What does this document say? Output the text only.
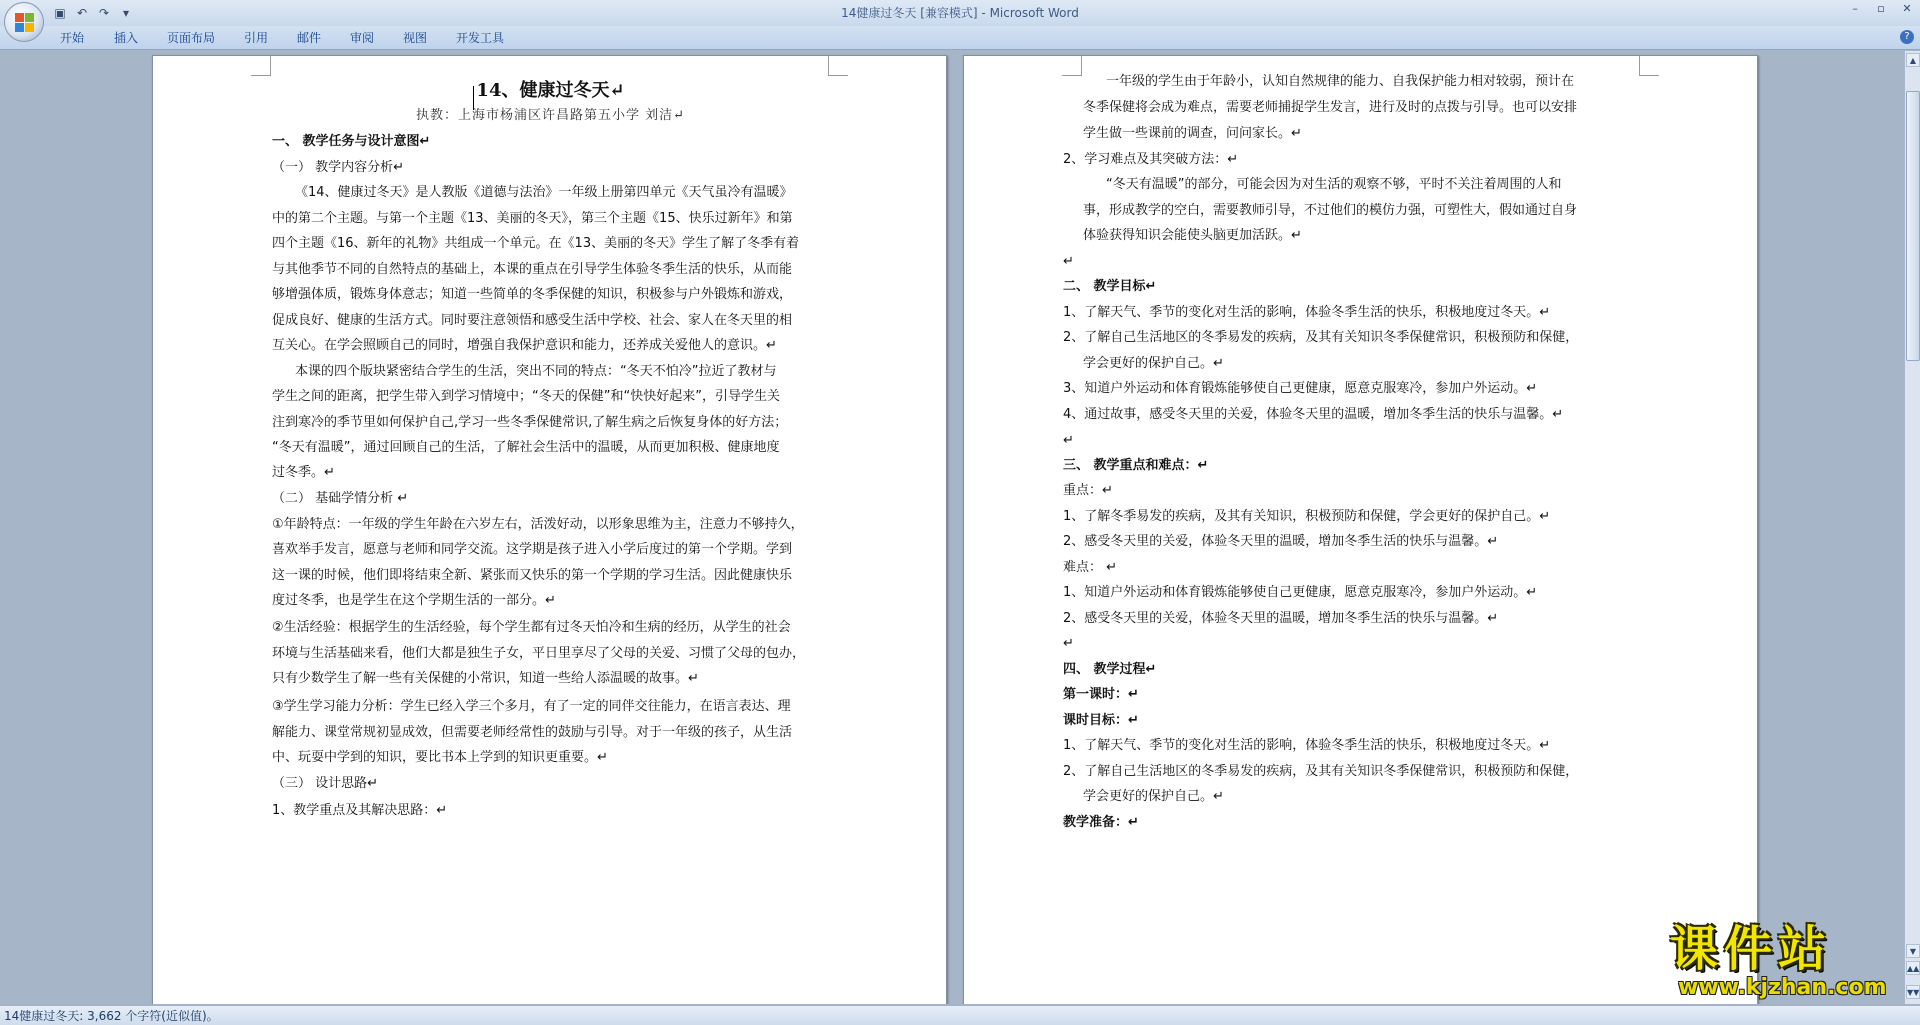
14健康过冬天 [兼容模式] - Microsoft Word
▣ ↶ ↷	▾	–	▫	✕
开始 插入 页面布局 引用 邮件 审阅 视图 开发工具	?
14、健康过冬天↵
执教：上海市杨浦区许昌路第五小学 刘洁↵
一、 教学任务与设计意图↵
（一） 教学内容分析↵
《14、健康过冬天》是人教版《道德与法治》一年级上册第四单元《天气虽冷有温暖》
中的第二个主题。与第一个主题《13、美丽的冬天》，第三个主题《15、快乐过新年》和第
四个主题《16、新年的礼物》共组成一个单元。在《13、美丽的冬天》学生了解了冬季有着
与其他季节不同的自然特点的基础上，本课的重点在引导学生体验冬季生活的快乐，从而能
够增强体质，锻炼身体意志；知道一些简单的冬季保健的知识，积极参与户外锻炼和游戏，
促成良好、健康的生活方式。同时要注意领悟和感受生活中学校、社会、家人在冬天里的相
互关心。在学会照顾自己的同时，增强自我保护意识和能力，还养成关爱他人的意识。↵
本课的四个版块紧密结合学生的生活，突出不同的特点：“冬天不怕冷”拉近了教材与
学生之间的距离，把学生带入到学习情境中；“冬天的保健”和“快快好起来”，引导学生关
注到寒冷的季节里如何保护自己,学习一些冬季保健常识,了解生病之后恢复身体的好方法；
“冬天有温暖”，通过回顾自己的生活，了解社会生活中的温暖，从而更加积极、健康地度
过冬季。↵
（二） 基础学情分析 ↵
①年龄特点：一年级的学生年龄在六岁左右，活泼好动，以形象思维为主，注意力不够持久，
喜欢举手发言，愿意与老师和同学交流。这学期是孩子进入小学后度过的第一个学期。学到
这一课的时候，他们即将结束全新、紧张而又快乐的第一个学期的学习生活。因此健康快乐
度过冬季，也是学生在这个学期生活的一部分。↵
②生活经验：根据学生的生活经验，每个学生都有过冬天怕冷和生病的经历，从学生的社会
环境与生活基础来看，他们大都是独生子女，平日里享尽了父母的关爱、习惯了父母的包办，
只有少数学生了解一些有关保健的小常识，知道一些给人添温暖的故事。↵
③学生学习能力分析：学生已经入学三个多月，有了一定的同伴交往能力，在语言表达、理
解能力、课堂常规初显成效，但需要老师经常性的鼓励与引导。对于一年级的孩子，从生活
中、玩耍中学到的知识，要比书本上学到的知识更重要。↵
（三） 设计思路↵
1、教学重点及其解决思路：↵
一年级的学生由于年龄小，认知自然规律的能力、自我保护能力相对较弱，预计在
冬季保健将会成为难点，需要老师捕捉学生发言，进行及时的点拨与引导。也可以安排
学生做一些课前的调查，问问家长。↵
2、学习难点及其突破方法：↵
“冬天有温暖”的部分，可能会因为对生活的观察不够，平时不关注着周围的人和
事，形成教学的空白，需要教师引导，不过他们的模仿力强，可塑性大，假如通过自身
体验获得知识会能使头脑更加活跃。↵
↵
二、 教学目标↵
1、了解天气、季节的变化对生活的影响，体验冬季生活的快乐，积极地度过冬天。↵
2、了解自己生活地区的冬季易发的疾病，及其有关知识冬季保健常识，积极预防和保健，
学会更好的保护自己。↵
3、知道户外运动和体育锻炼能够使自己更健康，愿意克服寒冷，参加户外运动。↵
4、通过故事，感受冬天里的关爱，体验冬天里的温暖，增加冬季生活的快乐与温馨。↵
↵
三、 教学重点和难点：↵
重点：↵
1、了解冬季易发的疾病，及其有关知识，积极预防和保健，学会更好的保护自己。↵
2、感受冬天里的关爱，体验冬天里的温暖，增加冬季生活的快乐与温馨。↵
难点： ↵
1、知道户外运动和体育锻炼能够使自己更健康，愿意克服寒冷，参加户外运动。↵
2、感受冬天里的关爱，体验冬天里的温暖，增加冬季生活的快乐与温馨。↵
↵
四、 教学过程↵
第一课时：↵
课时目标：↵
1、了解天气、季节的变化对生活的影响，体验冬季生活的快乐，积极地度过冬天。↵
2、了解自己生活地区的冬季易发的疾病，及其有关知识冬季保健常识，积极预防和保健，
学会更好的保护自己。↵
教学准备：↵
▲
▼
▲▲
▼▼
14健康过冬天: 3,662 个字符(近似值)。
课件站
www.kjzhan.com
